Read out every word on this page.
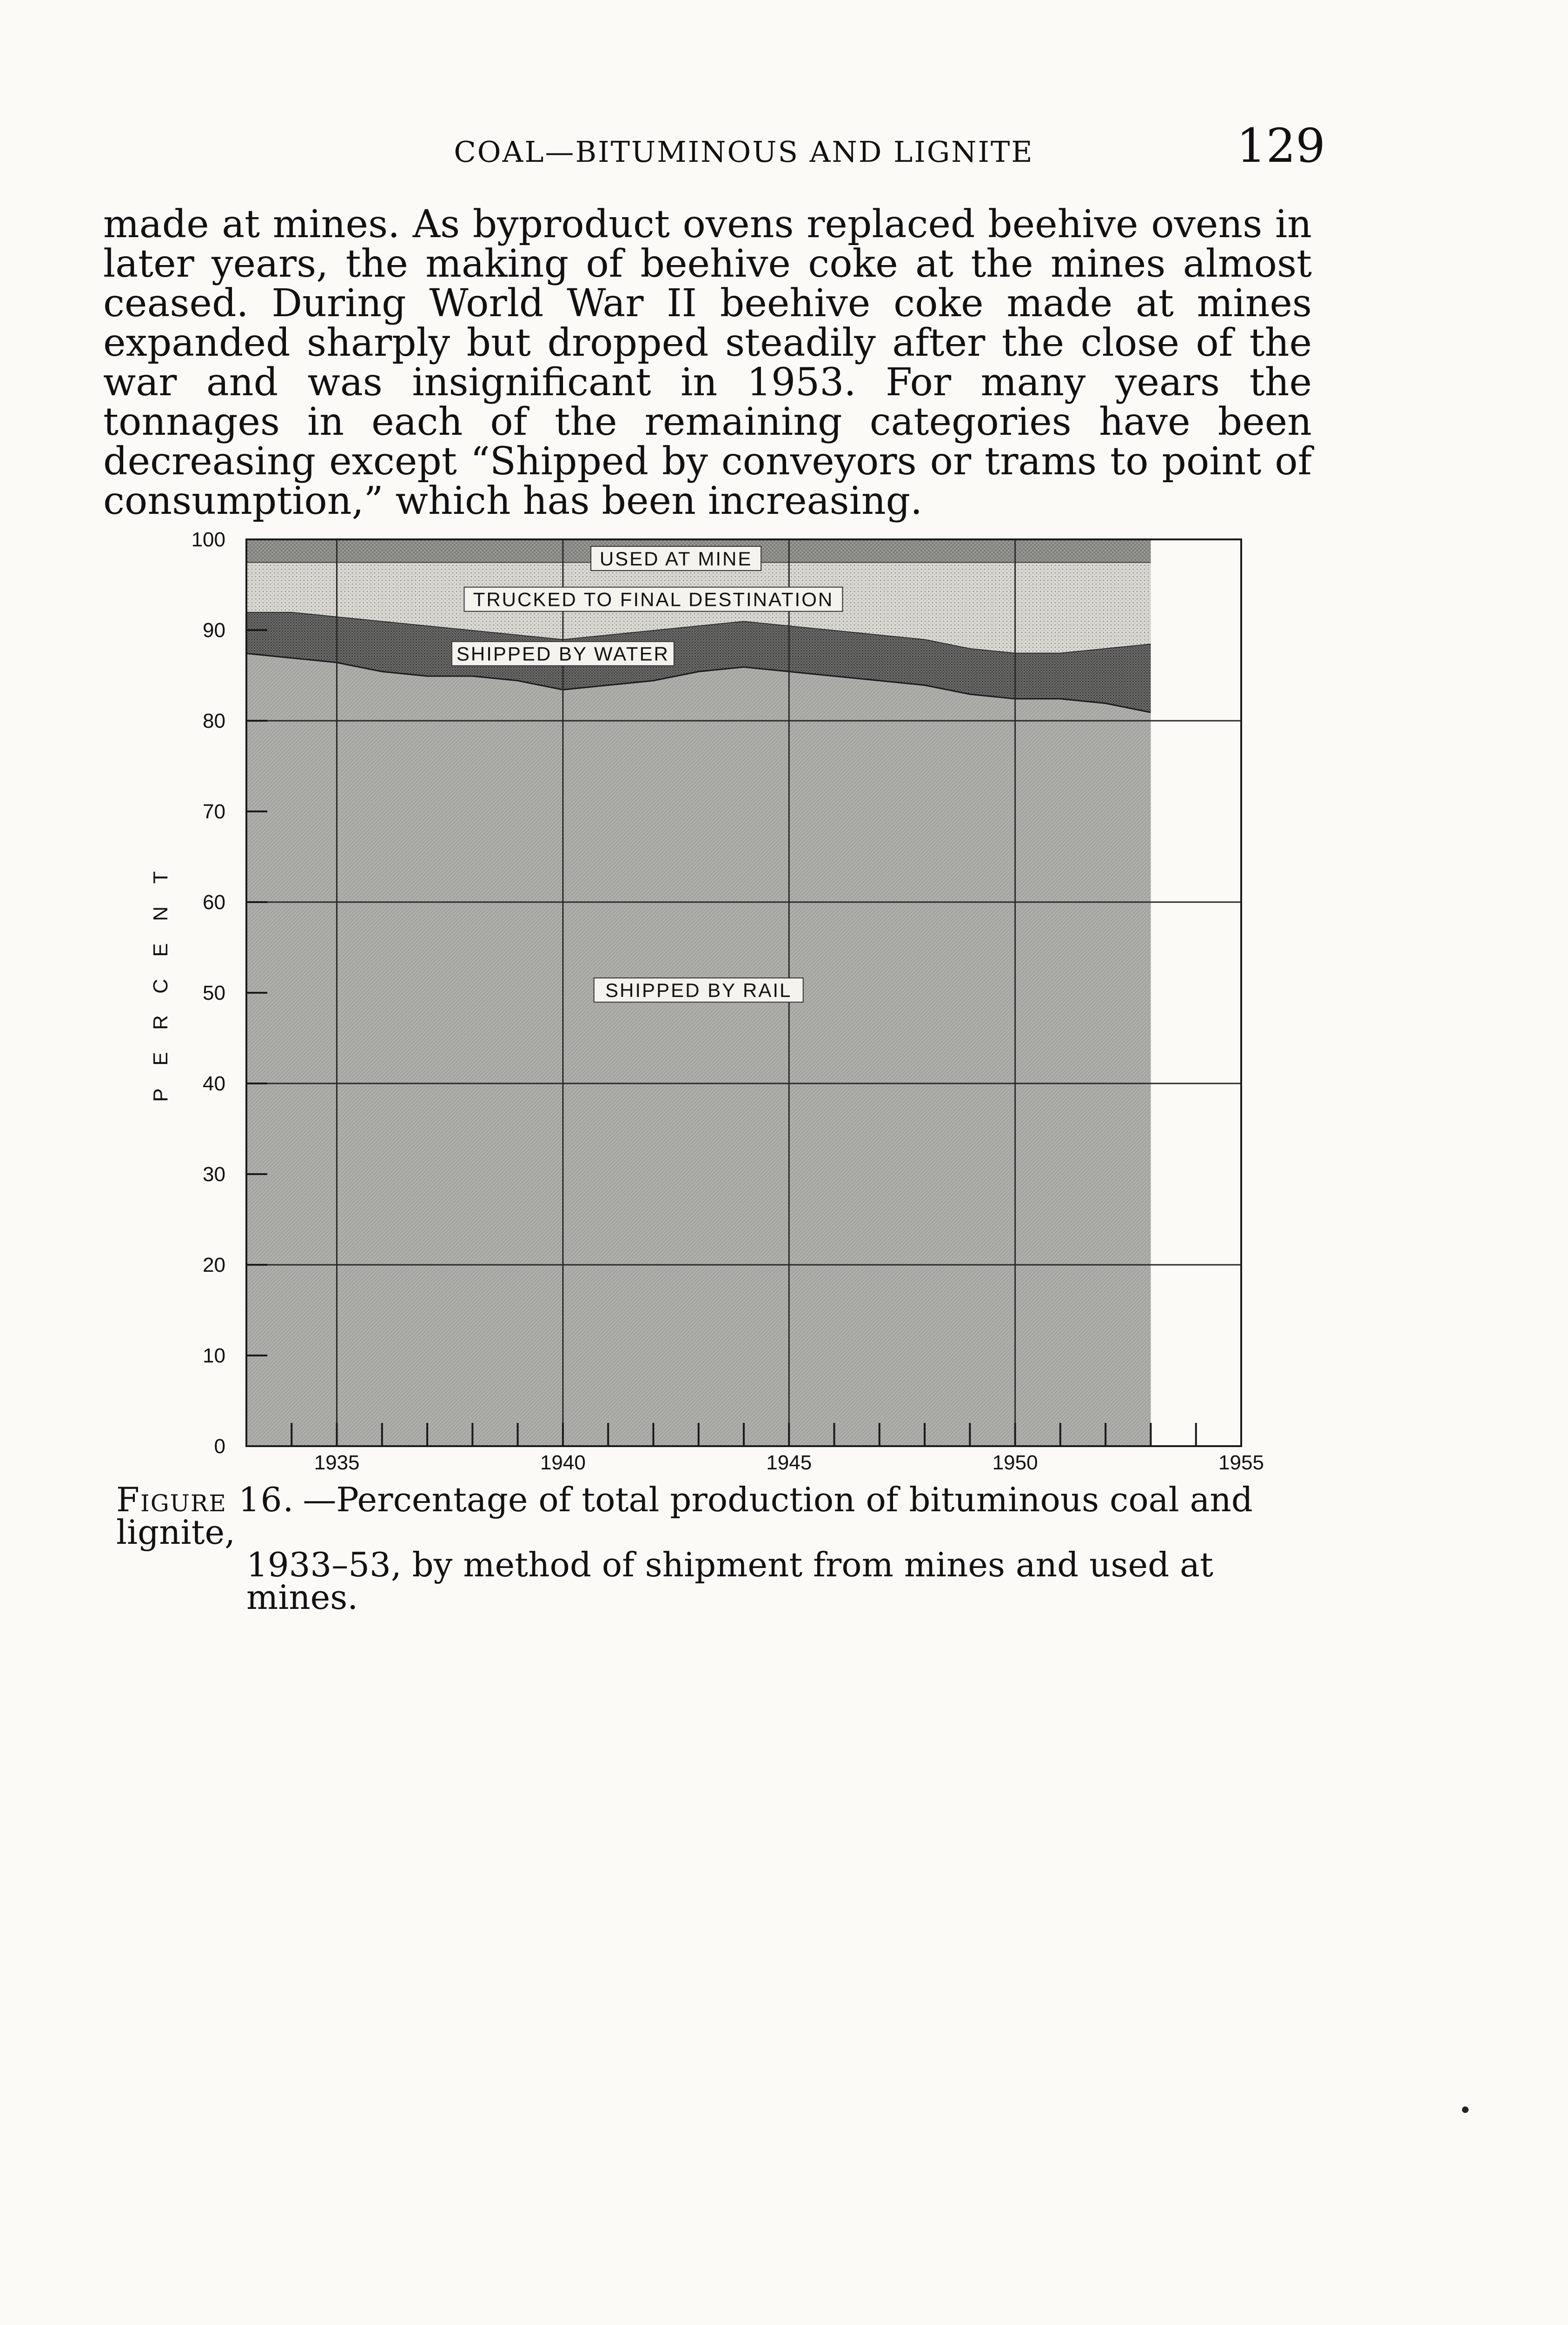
COAL—BITUMINOUS AND LIGNITE	129

made at mines. As byproduct ovens replaced beehive ovens in later years, the making of beehive coke at the mines almost ceased. During World War II beehive coke made at mines expanded sharply but dropped steadily after the close of the war and was insignificant in 1953. For many years the tonnages in each of the remaining categories have been decreasing except “Shipped by conveyors or trams to point of consumption,” which has been increasing.

0
10
20
30
40
50
60
70
80
90
100
1935	1940	1945	1950	1955
USED AT MINE
TRUCKED TO FINAL DESTINATION
SHIPPED BY WATER
SHIPPED BY RAIL
P
E
R
C
E
N
T
Figure 16. —Percentage of total production of bituminous coal and lignite,
1933–53, by method of shipment from mines and used at mines.
